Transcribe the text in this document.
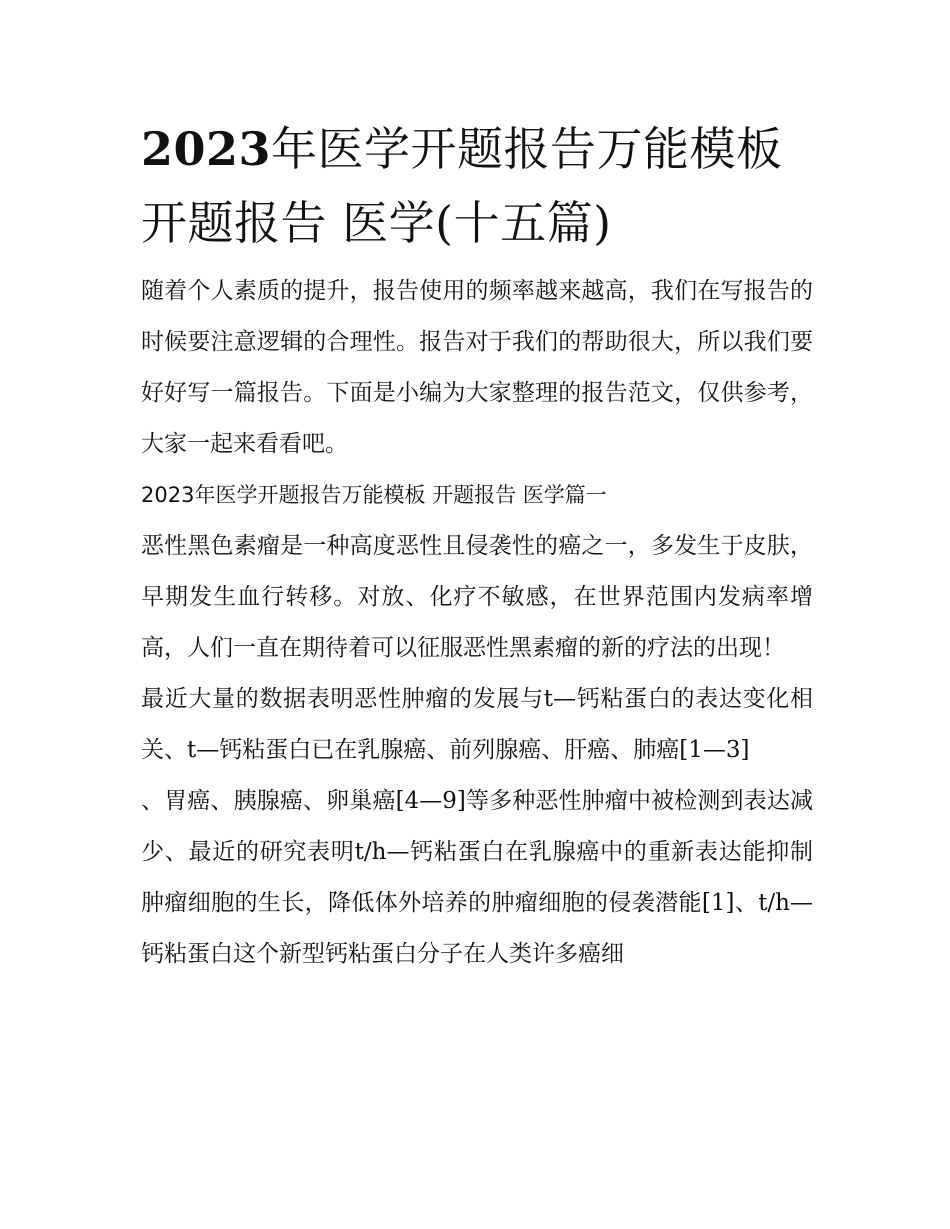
2023年医学开题报告万能模板
开题报告 医学(十五篇)

随着个人素质的提升，报告使用的频率越来越高，我们在写报告的时候要注意逻辑的合理性。报告对于我们的帮助很大，所以我们要好好写一篇报告。下面是小编为大家整理的报告范文，仅供参考，大家一起来看看吧。

2023年医学开题报告万能模板 开题报告 医学篇一

恶性黑色素瘤是一种高度恶性且侵袭性的癌之一，多发生于皮肤，早期发生血行转移。对放、化疗不敏感，在世界范围内发病率增高，人们一直在期待着可以征服恶性黑素瘤的新的疗法的出现！

最近大量的数据表明恶性肿瘤的发展与t—钙粘蛋白的表达变化相关、t—钙粘蛋白已在乳腺癌、前列腺癌、肝癌、肺癌[1—3]

、胃癌、胰腺癌、卵巢癌[4—9]等多种恶性肿瘤中被检测到表达减少、最近的研究表明t/h—钙粘蛋白在乳腺癌中的重新表达能抑制肿瘤细胞的生长，降低体外培养的肿瘤细胞的侵袭潜能[1]、t/h—钙粘蛋白这个新型钙粘蛋白分子在人类许多癌细
